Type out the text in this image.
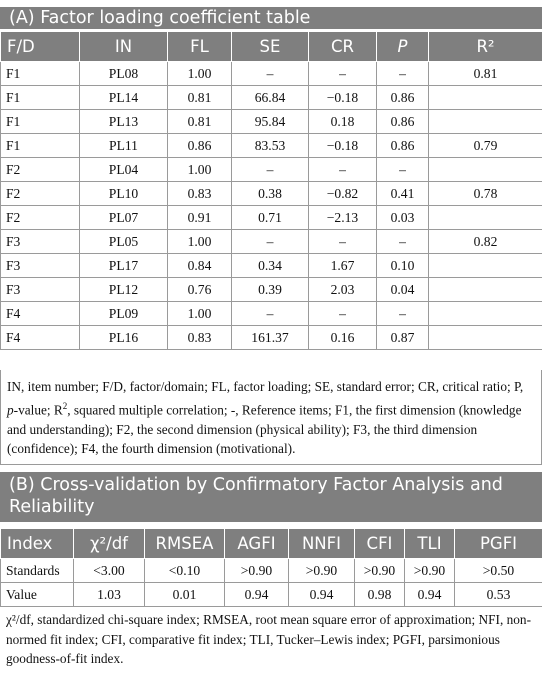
(A) Factor loading coefficient table
F/D	IN	FL	SE	CR	P	R²
F1	PL08	1.00	–	–	–	0.81
F1	PL14	0.81	66.84	−0.18	0.86	
F1	PL13	0.81	95.84	0.18	0.86	
F1	PL11	0.86	83.53	−0.18	0.86	0.79
F2	PL04	1.00	–	–	–	
F2	PL10	0.83	0.38	−0.82	0.41	0.78
F2	PL07	0.91	0.71	−2.13	0.03	
F3	PL05	1.00	–	–	–	0.82
F3	PL17	0.84	0.34	1.67	0.10	
F3	PL12	0.76	0.39	2.03	0.04	
F4	PL09	1.00	–	–	–	
F4	PL16	0.83	161.37	0.16	0.87	
IN, item number; F/D, factor/domain; FL, factor loading; SE, standard error; CR, critical ratio; P, p-value; $R^2$, squared multiple correlation; -, Reference items; F1, the first dimension (knowledge and understanding); F2, the second dimension (physical ability); F3, the third dimension (confidence); F4, the fourth dimension (motivational).
(B) Cross-validation by Confirmatory Factor Analysis and Reliability
Index	χ²/df	RMSEA	AGFI	NNFI	CFI	TLI	PGFI
Standards	<3.00	<0.10	>0.90	>0.90	>0.90	>0.90	>0.50
Value	1.03	0.01	0.94	0.94	0.98	0.94	0.53
χ²/df, standardized chi-square index; RMSEA, root mean square error of approximation; NFI, non-normed fit index; CFI, comparative fit index; TLI, Tucker–Lewis index; PGFI, parsimonious goodness-of-fit index.
